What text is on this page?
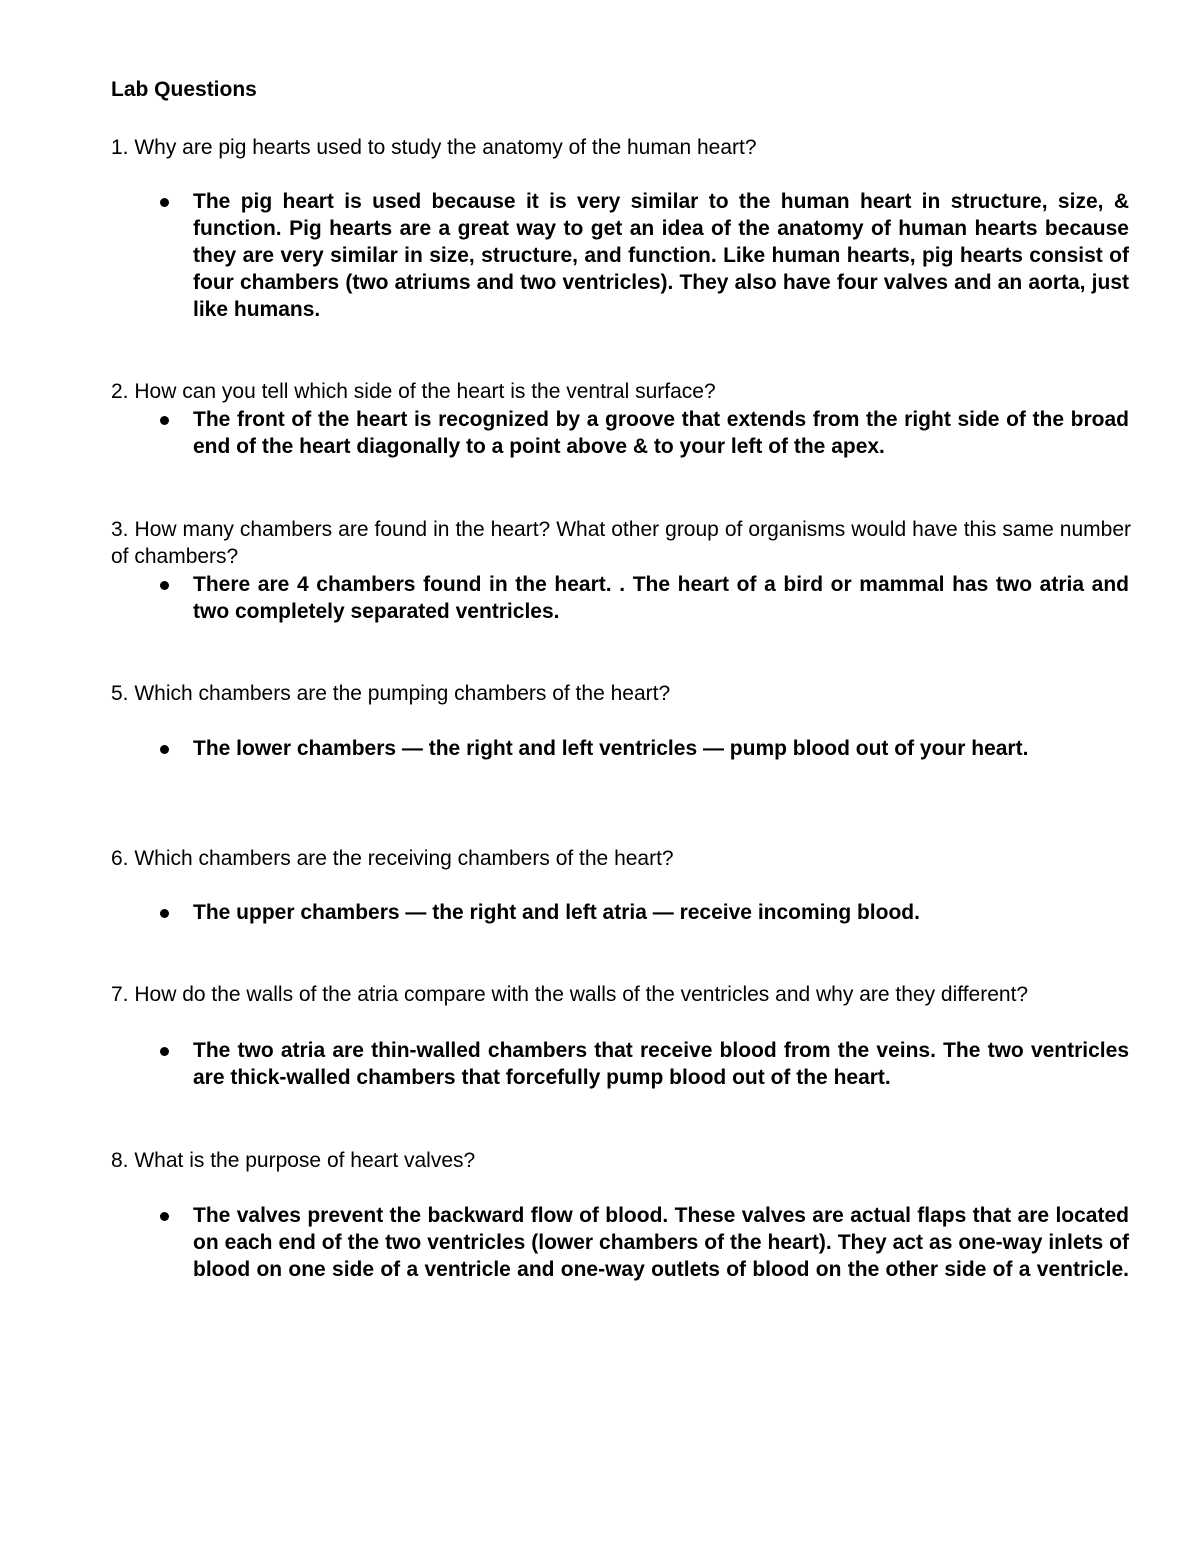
Lab Questions
1. Why are pig hearts used to study the anatomy of the human heart?
The pig heart is used because it is very similar to the human heart in structure, size, & function. Pig hearts are a great way to get an idea of the anatomy of human hearts because they are very similar in size, structure, and function. Like human hearts, pig hearts consist of four chambers (two atriums and two ventricles). They also have four valves and an aorta, just like humans.
2. How can you tell which side of the heart is the ventral surface?
The front of the heart is recognized by a groove that extends from the right side of the broad end of the heart diagonally to a point above & to your left of the apex.
3. How many chambers are found in the heart? What other group of organisms would have this same number of chambers?
There are 4 chambers found in the heart. . The heart of a bird or mammal has two atria and two completely separated ventricles.
5. Which chambers are the pumping chambers of the heart?
The lower chambers — the right and left ventricles — pump blood out of your heart.
6. Which chambers are the receiving chambers of the heart?
The upper chambers — the right and left atria — receive incoming blood.
7. How do the walls of the atria compare with the walls of the ventricles and why are they different?
The two atria are thin-walled chambers that receive blood from the veins. The two ventricles are thick-walled chambers that forcefully pump blood out of the heart.
8. What is the purpose of heart valves?
The valves prevent the backward flow of blood. These valves are actual flaps that are located on each end of the two ventricles (lower chambers of the heart). They act as one-way inlets of blood on one side of a ventricle and one-way outlets of blood on the other side of a ventricle.
